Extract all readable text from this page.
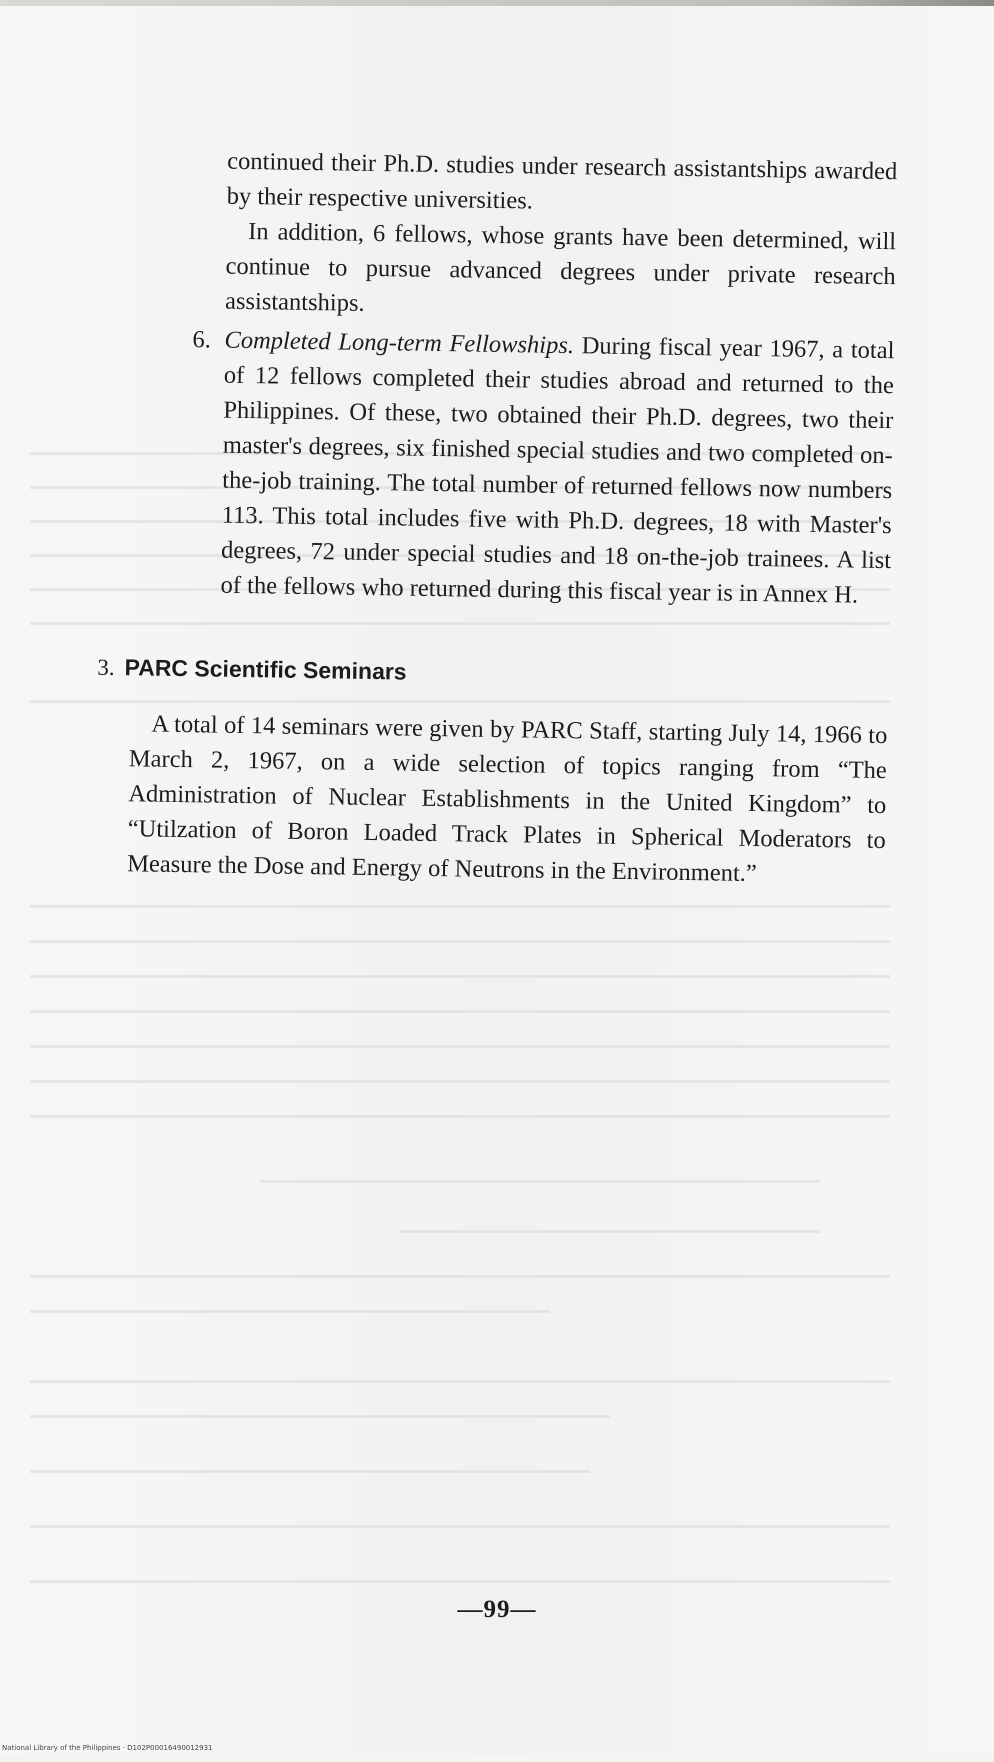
continued their Ph.D. studies under research assistantships awarded by their respective universities.

In addition, 6 fellows, whose grants have been determined, will continue to pursue advanced degrees under private research assistantships.

6. Completed Long-term Fellowships. During fiscal year 1967, a total of 12 fellows completed their studies abroad and returned to the Philippines. Of these, two obtained their Ph.D. degrees, two their master's degrees, six finished special studies and two completed on-the-job training. The total number of returned fellows now numbers 113. This total includes five with Ph.D. degrees, 18 with Master's degrees, 72 under special studies and 18 on-the-job trainees. A list of the fellows who returned during this fiscal year is in Annex H.

3. PARC Scientific Seminars

A total of 14 seminars were given by PARC Staff, starting July 14, 1966 to March 2, 1967, on a wide selection of topics ranging from “The Administration of Nuclear Establishments in the United Kingdom” to “Utilzation of Boron Loaded Track Plates in Spherical Moderators to Measure the Dose and Energy of Neutrons in the Environment.”

—99—
National Library of the Philippines · D102P00016490012931
